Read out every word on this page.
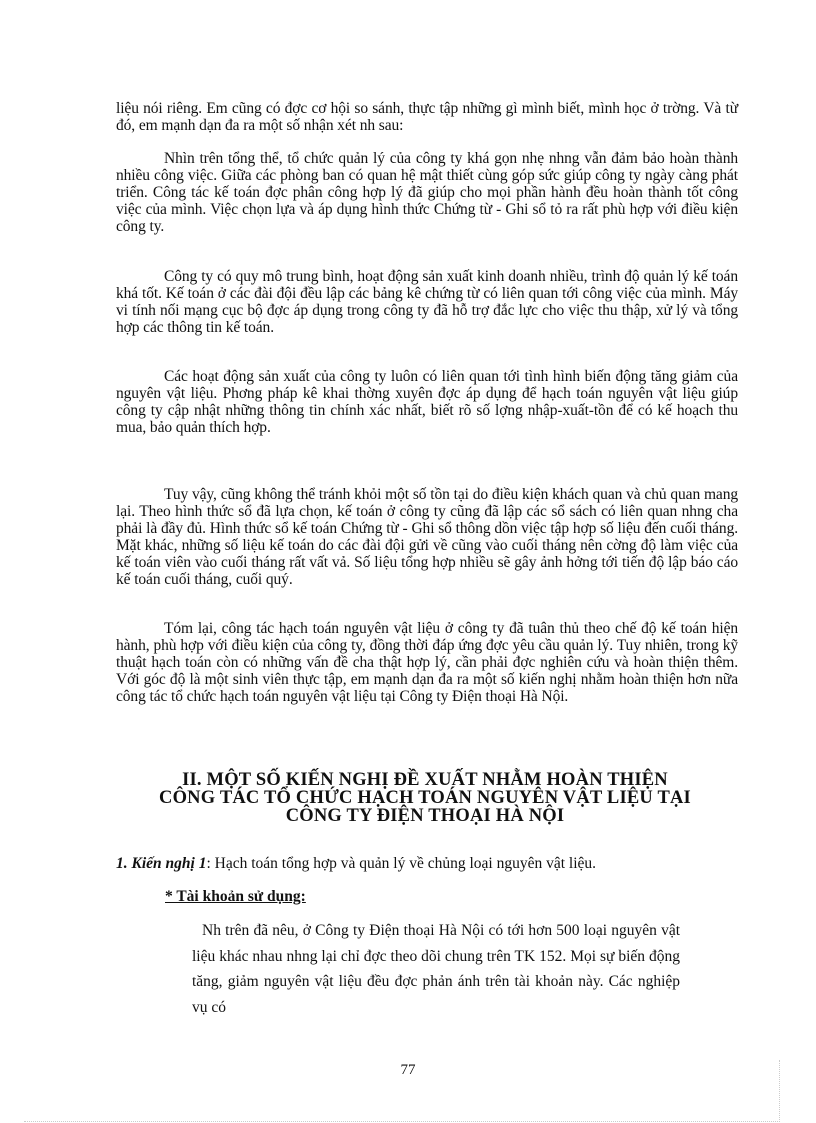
liệu nói riêng. Em cũng có đợc cơ hội so sánh, thực tập những gì mình biết, mình học ở trờng. Và từ đó, em mạnh dạn đa ra một số nhận xét nh sau:

Nhìn trên tổng thể, tổ chức quản lý của công ty khá gọn nhẹ nhng vẫn đảm bảo hoàn thành nhiều công việc. Giữa các phòng ban có quan hệ mật thiết cùng góp sức giúp công ty ngày càng phát triển. Công tác kế toán đợc phân công hợp lý đã giúp cho mọi phần hành đều hoàn thành tốt công việc của mình. Việc chọn lựa và áp dụng hình thức Chứng từ - Ghi sổ tỏ ra rất phù hợp với điều kiện công ty.

Công ty có quy mô trung bình, hoạt động sản xuất kinh doanh nhiều, trình độ quản lý kế toán khá tốt. Kế toán ở các đài đội đều lập các bảng kê chứng từ có liên quan tới công việc của mình. Máy vi tính nối mạng cục bộ đợc áp dụng trong công ty đã hỗ trợ đắc lực cho việc thu thập, xử lý và tổng hợp các thông tin kế toán.

Các hoạt động sản xuất của công ty luôn có liên quan tới tình hình biến động tăng giảm của nguyên vật liệu. Phơng pháp kê khai thờng xuyên đợc áp dụng để hạch toán nguyên vật liệu giúp công ty cập nhật những thông tin chính xác nhất, biết rõ số lợng nhập-xuất-tồn để có kế hoạch thu mua, bảo quản thích hợp.

Tuy vậy, cũng không thể tránh khỏi một số tồn tại do điều kiện khách quan và chủ quan mang lại. Theo hình thức sổ đã lựa chọn, kế toán ở công ty cũng đã lập các sổ sách có liên quan nhng cha phải là đầy đủ. Hình thức sổ kế toán Chứng từ - Ghi sổ thông dồn việc tập hợp số liệu đến cuối tháng. Mặt khác, những số liệu kế toán do các đài đội gửi về cũng vào cuối tháng nên cờng độ làm việc của kế toán viên vào cuối tháng rất vất vả. Số liệu tổng hợp nhiều sẽ gây ảnh hởng tới tiến độ lập báo cáo kế toán cuối tháng, cuối quý.

Tóm lại, công tác hạch toán nguyên vật liệu ở công ty đã tuân thủ theo chế độ kế toán hiện hành, phù hợp với điều kiện của công ty, đồng thời đáp ứng đợc yêu cầu quản lý. Tuy nhiên, trong kỹ thuật hạch toán còn có những vấn đề cha thật hợp lý, cần phải đợc nghiên cứu và hoàn thiện thêm. Với góc độ là một sinh viên thực tập, em mạnh dạn đa ra một số kiến nghị nhằm hoàn thiện hơn nữa công tác tổ chức hạch toán nguyên vật liệu tại Công ty Điện thoại Hà Nội.

II. MỘT SỐ KIẾN NGHỊ ĐỀ XUẤT NHẰM HOÀN THIỆN
CÔNG TÁC TỔ CHỨC HẠCH TOÁN NGUYÊN VẬT LIỆU TẠI
CÔNG TY ĐIỆN THOẠI HÀ NỘI

1. Kiến nghị 1: Hạch toán tổng hợp và quản lý về chủng loại nguyên vật liệu.

* Tài khoản sử dụng:

Nh trên đã nêu, ở Công ty Điện thoại Hà Nội có tới hơn 500 loại nguyên vật liệu khác nhau nhng lại chỉ đợc theo dõi chung trên TK 152. Mọi sự biến động tăng, giảm nguyên vật liệu đều đợc phản ánh trên tài khoản này. Các nghiệp vụ có

77
